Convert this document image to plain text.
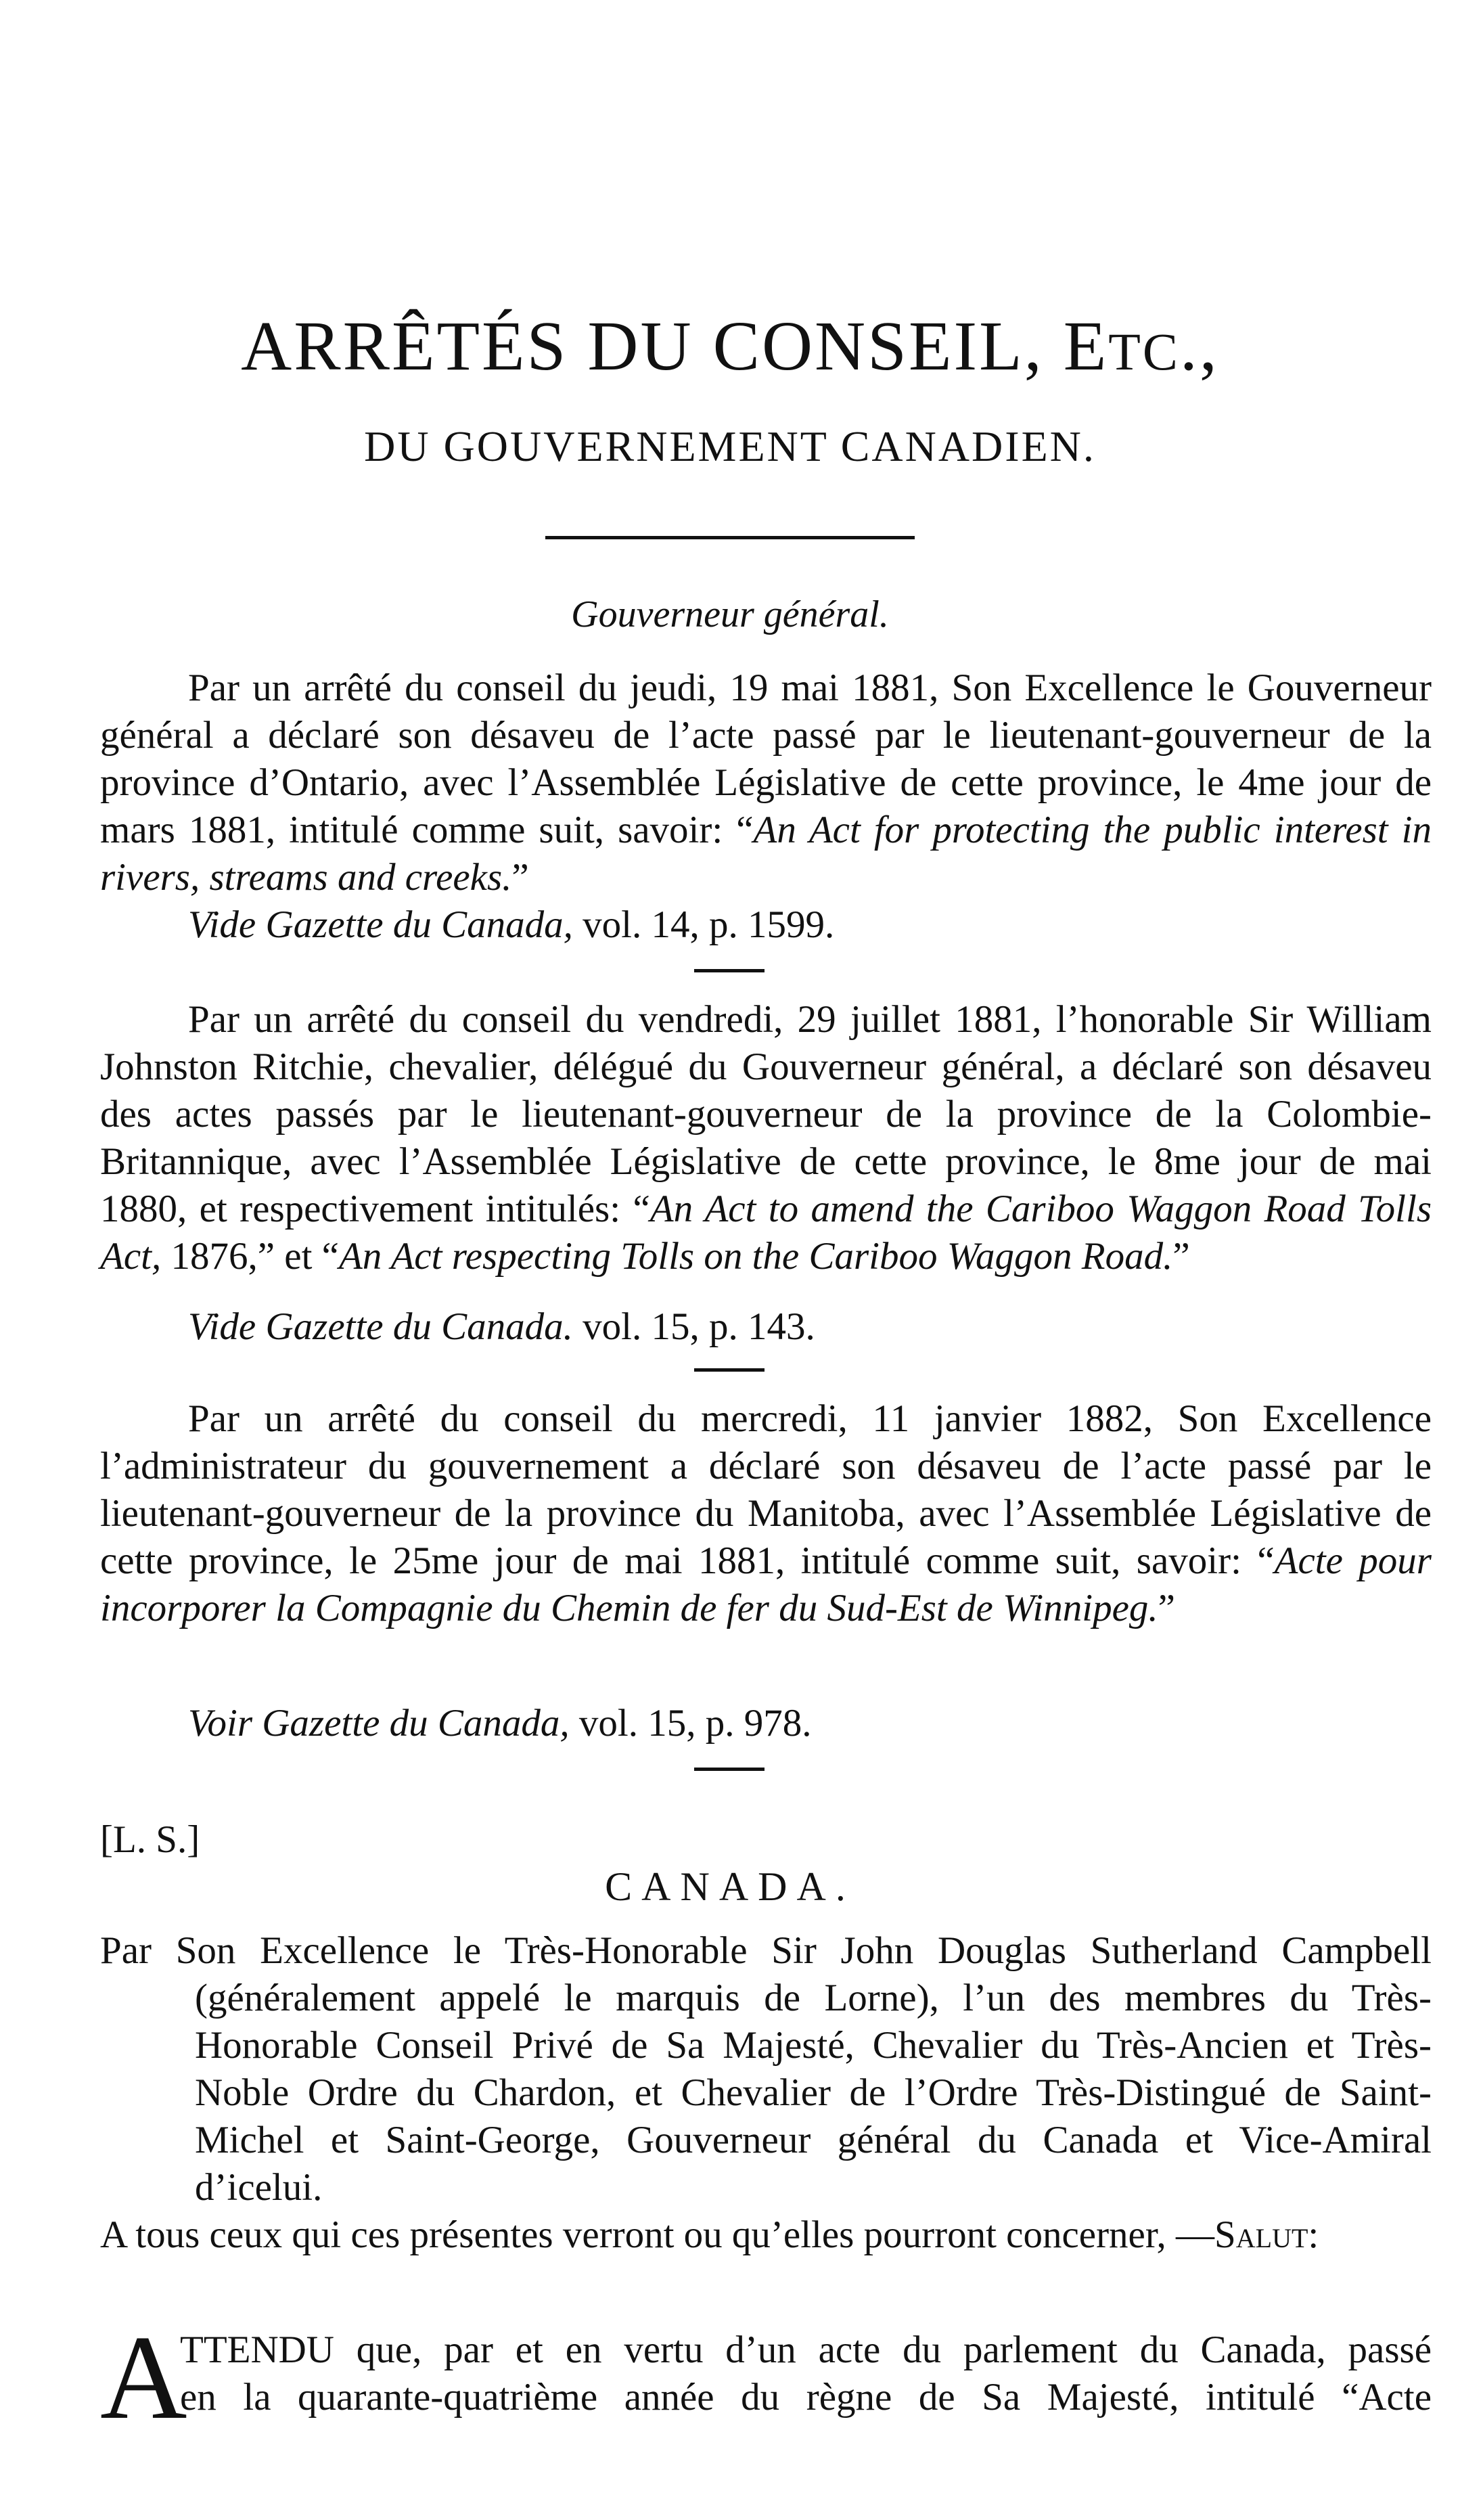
ARRÊTÉS DU CONSEIL, ETC.,
DU GOUVERNEMENT CANADIEN.
Gouverneur général.

Par un arrêté du conseil du jeudi, 19 mai 1881, Son Excellence le Gouverneur général a déclaré son désaveu de l’acte passé par le lieutenant-gouverneur de la province d’Ontario, avec l’Assemblée Législative de cette province, le 4me jour de mars 1881, intitulé comme suit, savoir: “An Act for protecting the public interest in rivers, streams and creeks.”

Vide Gazette du Canada, vol. 14, p. 1599.

Par un arrêté du conseil du vendredi, 29 juillet 1881, l’honorable Sir William Johnston Ritchie, chevalier, délégué du Gouverneur général, a déclaré son désaveu des actes passés par le lieutenant-gouverneur de la province de la Colombie-Britannique, avec l’Assemblée Législative de cette province, le 8me jour de mai 1880, et respectivement intitulés: “An Act to amend the Cariboo Waggon Road Tolls Act, 1876,” et “An Act respecting Tolls on the Cariboo Waggon Road.”

Vide Gazette du Canada. vol. 15, p. 143.

Par un arrêté du conseil du mercredi, 11 janvier 1882, Son Excellence l’administrateur du gouvernement a déclaré son désaveu de l’acte passé par le lieutenant-gouverneur de la province du Manitoba, avec l’Assemblée Législative de cette province, le 25me jour de mai 1881, intitulé comme suit, savoir: “Acte pour incorporer la Compagnie du Chemin de fer du Sud-Est de Winnipeg.”

Voir Gazette du Canada, vol. 15, p. 978.
[L. S.]
CANADA.

Par Son Excellence le Très-Honorable Sir John Douglas Sutherland Campbell (généralement appelé le marquis de Lorne), l’un des membres du Très-Honorable Conseil Privé de Sa Majesté, Chevalier du Très-Ancien et Très-Noble Ordre du Chardon, et Chevalier de l’Ordre Très-Distingué de Saint-Michel et Saint-George, Gouverneur général du Canada et Vice-Amiral d’icelui.

A tous ceux qui ces présentes verront ou qu’elles pourront concerner, —Salut:

A
TTENDU que, par et en vertu d’un acte du parlement du Canada, passé
en la quarante-quatrième année du règne de Sa Majesté, intitulé “Acte
